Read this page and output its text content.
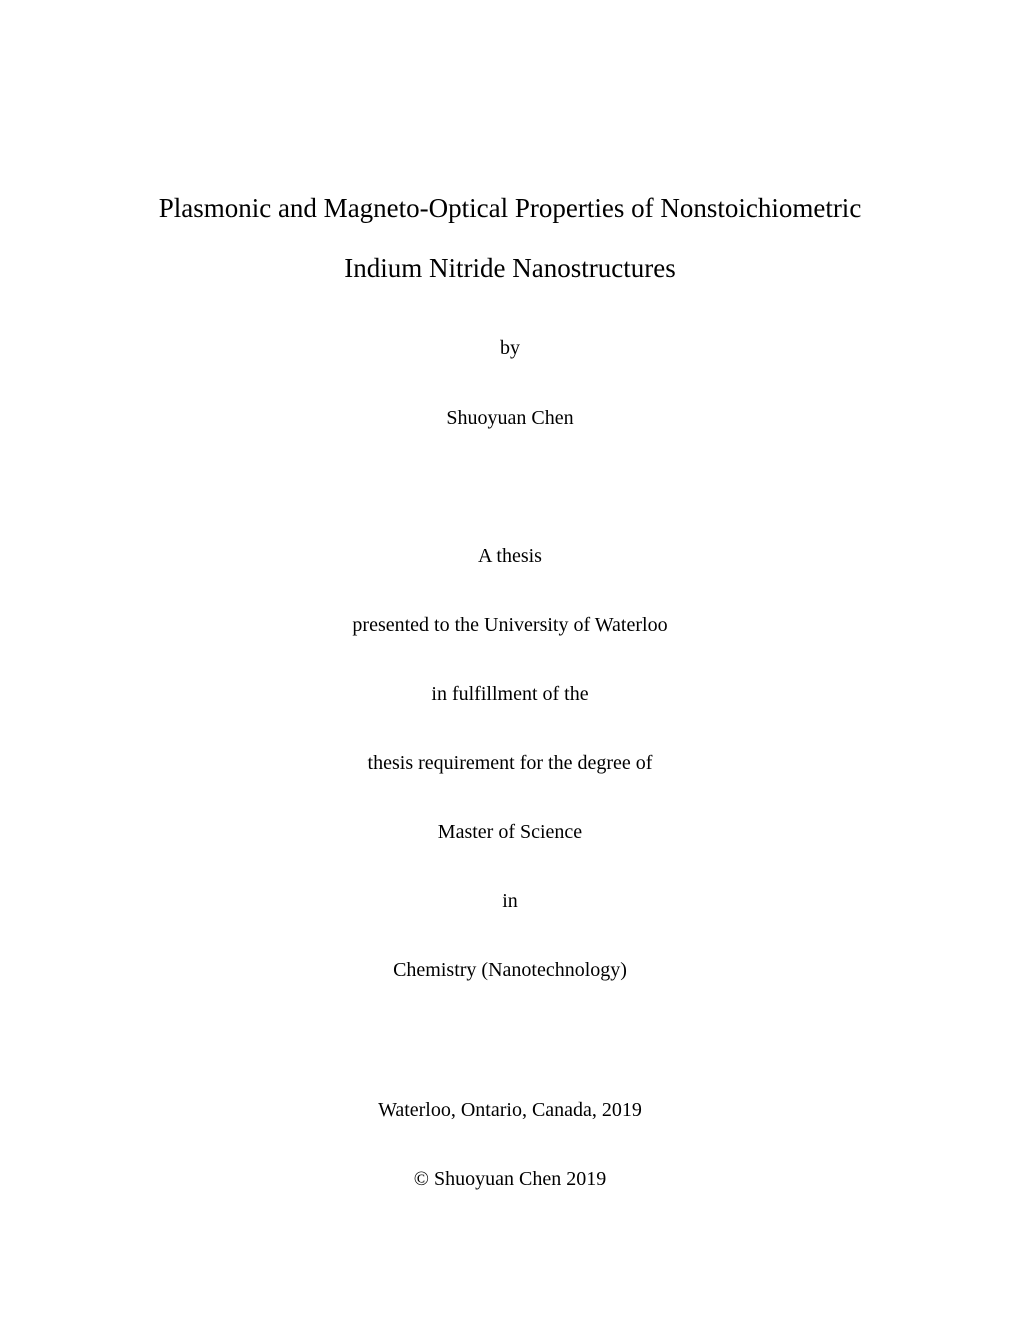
Plasmonic and Magneto-Optical Properties of Nonstoichiometric
Indium Nitride Nanostructures
by
Shuoyuan Chen
A thesis
presented to the University of Waterloo
in fulfillment of the
thesis requirement for the degree of
Master of Science
in
Chemistry (Nanotechnology)
Waterloo, Ontario, Canada, 2019
© Shuoyuan Chen 2019
